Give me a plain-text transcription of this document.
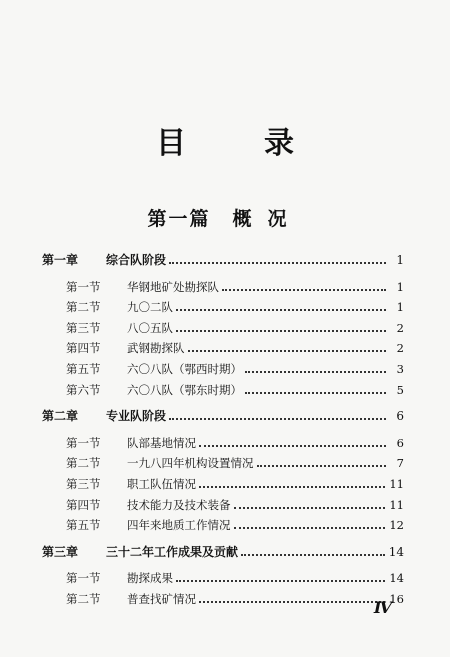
目	录
第一篇 概况
第一章	综合队阶段	1
第一节	华钢地矿处勘探队	1
第二节	九〇二队	1
第三节	八〇五队	2
第四节	武钢勘探队	2
第五节	六〇八队（鄂西时期）	3
第六节	六〇八队（鄂东时期）	5
第二章	专业队阶段	6
第一节	队部基地情况	6
第二节	一九八四年机构设置情况	7
第三节	职工队伍情况	11
第四节	技术能力及技术装备	11
第五节	四年来地质工作情况	12
第三章	三十二年工作成果及贡献	14
第一节	勘探成果	14
第二节	普查找矿情况	16
Ⅳ
